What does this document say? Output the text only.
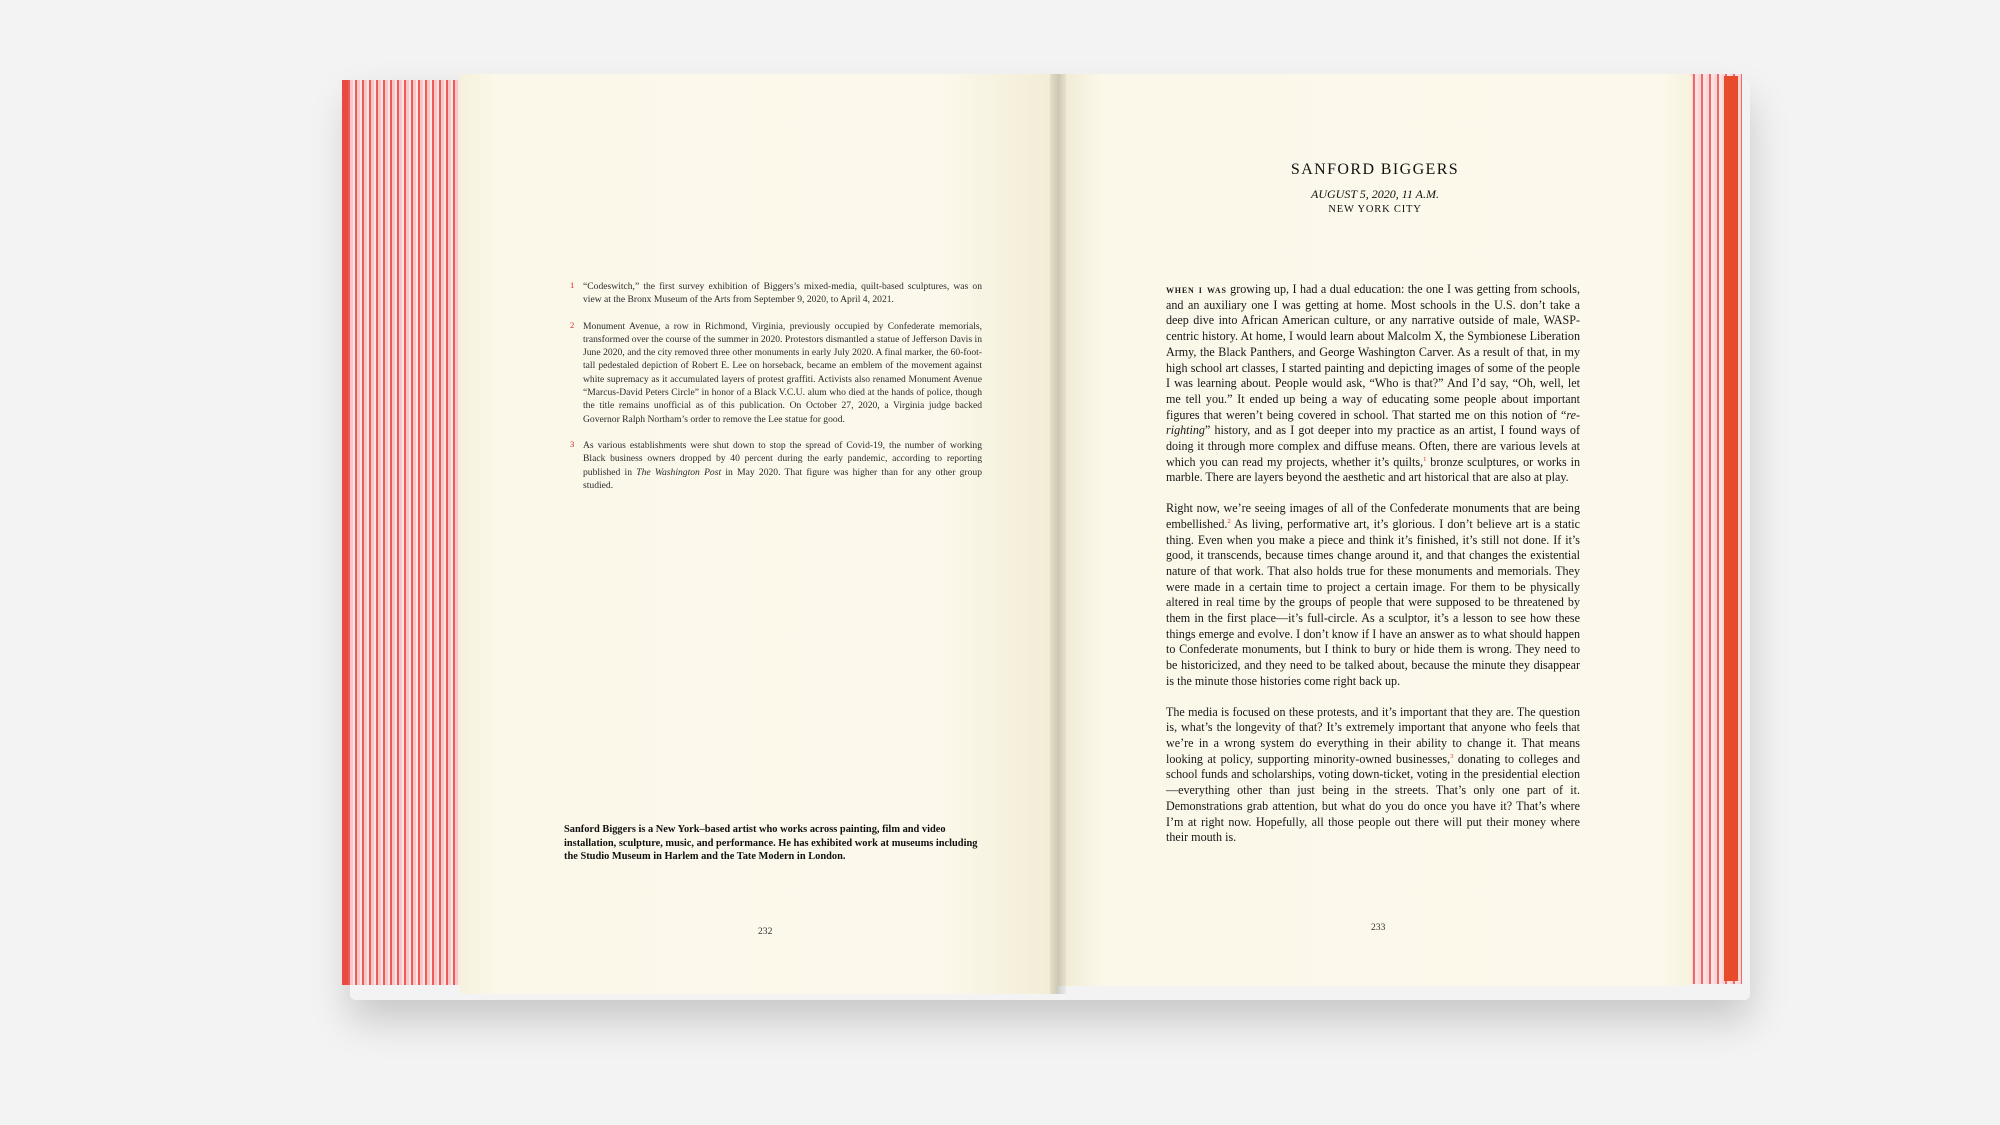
1 “Codeswitch,” the first survey exhibition of Biggers’s mixed-media, quilt-based sculptures, was on view at the Bronx Museum of the Arts from September 9, 2020, to April 4, 2021.
2 Monument Avenue, a row in Richmond, Virginia, previously occupied by Confederate memorials, transformed over the course of the summer in 2020. Protestors dismantled a statue of Jefferson Davis in June 2020, and the city removed three other monuments in early July 2020. A final marker, the 60-foot-tall pedestaled depiction of Robert E. Lee on horseback, became an emblem of the movement against white supremacy as it accumulated layers of protest graffiti. Activists also renamed Monument Avenue “Marcus-David Peters Circle” in honor of a Black V.C.U. alum who died at the hands of police, though the title remains unofficial as of this publication. On October 27, 2020, a Virginia judge backed Governor Ralph Northam’s order to remove the Lee statue for good.
3 As various establishments were shut down to stop the spread of Covid-19, the number of working Black business owners dropped by 40 percent during the early pandemic, according to reporting published in The Washington Post in May 2020. That figure was higher than for any other group studied.
Sanford Biggers is a New York–based artist who works across painting, film and video installation, sculpture, music, and performance. He has exhibited work at museums including the Studio Museum in Harlem and the Tate Modern in London.
232
SANFORD BIGGERS
AUGUST 5, 2020, 11 A.M.
NEW YORK CITY

when i was growing up, I had a dual education: the one I was getting from schools, and an auxiliary one I was getting at home. Most schools in the U.S. don’t take a deep dive into African American culture, or any narrative outside of male, WASP-centric history. At home, I would learn about Malcolm X, the Symbionese Liberation Army, the Black Panthers, and George Washington Carver. As a result of that, in my high school art classes, I started painting and depicting images of some of the people I was learning about. People would ask, “Who is that?” And I’d say, “Oh, well, let me tell you.” It ended up being a way of educating some people about important figures that weren’t being covered in school. That started me on this notion of “re-righting” history, and as I got deeper into my practice as an artist, I found ways of doing it through more complex and diffuse means. Often, there are various levels at which you can read my projects, whether it’s quilts,$^1$ bronze sculptures, or works in marble. There are layers beyond the aesthetic and art historical that are also at play.

Right now, we’re seeing images of all of the Confederate monuments that are being embellished.$^2$ As living, performative art, it’s glorious. I don’t believe art is a static thing. Even when you make a piece and think it’s finished, it’s still not done. If it’s good, it transcends, because times change around it, and that changes the existential nature of that work. That also holds true for these monuments and memorials. They were made in a certain time to project a certain image. For them to be physically altered in real time by the groups of people that were supposed to be threatened by them in the first place—it’s full-circle. As a sculptor, it’s a lesson to see how these things emerge and evolve. I don’t know if I have an answer as to what should happen to Confederate monuments, but I think to bury or hide them is wrong. They need to be historicized, and they need to be talked about, because the minute they disappear is the minute those histories come right back up.

The media is focused on these protests, and it’s important that they are. The question is, what’s the longevity of that? It’s extremely important that anyone who feels that we’re in a wrong system do everything in their ability to change it. That means looking at policy, supporting minority-owned businesses,$^3$ donating to colleges and school funds and scholarships, voting down-ticket, voting in the presidential election—everything other than just being in the streets. That’s only one part of it. Demonstrations grab attention, but what do you do once you have it? That’s where I’m at right now. Hopefully, all those people out there will put their money where their mouth is.

233
